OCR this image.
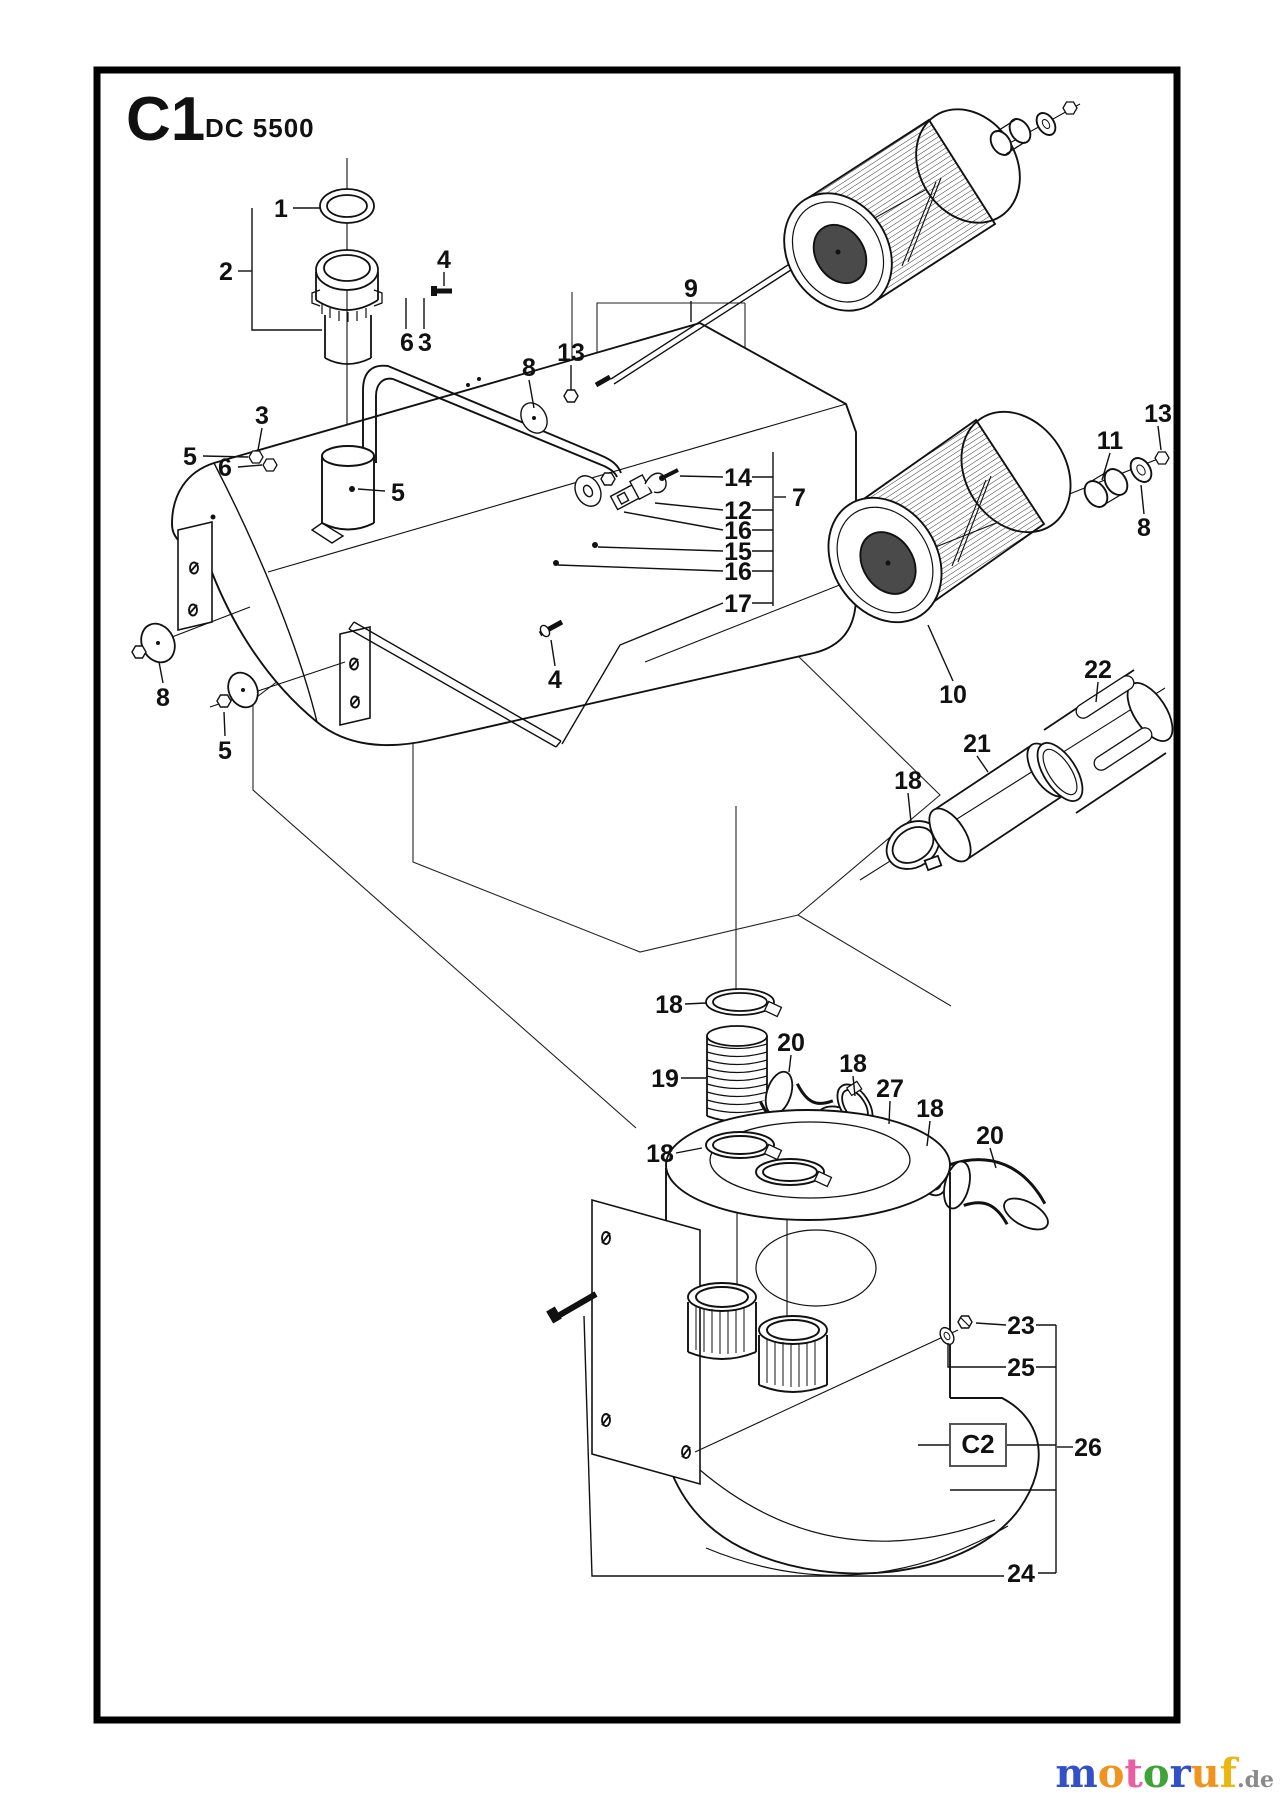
C1 DC 5500
C2
1
2	4
6 3
8
13
9
3
5 6
5
14
12
16
15
16
17
7
13
11
8
10
22
21
18
8
5
4
18
19
20
18
27
18
20
18
23
25
26
24
motoruf.de
